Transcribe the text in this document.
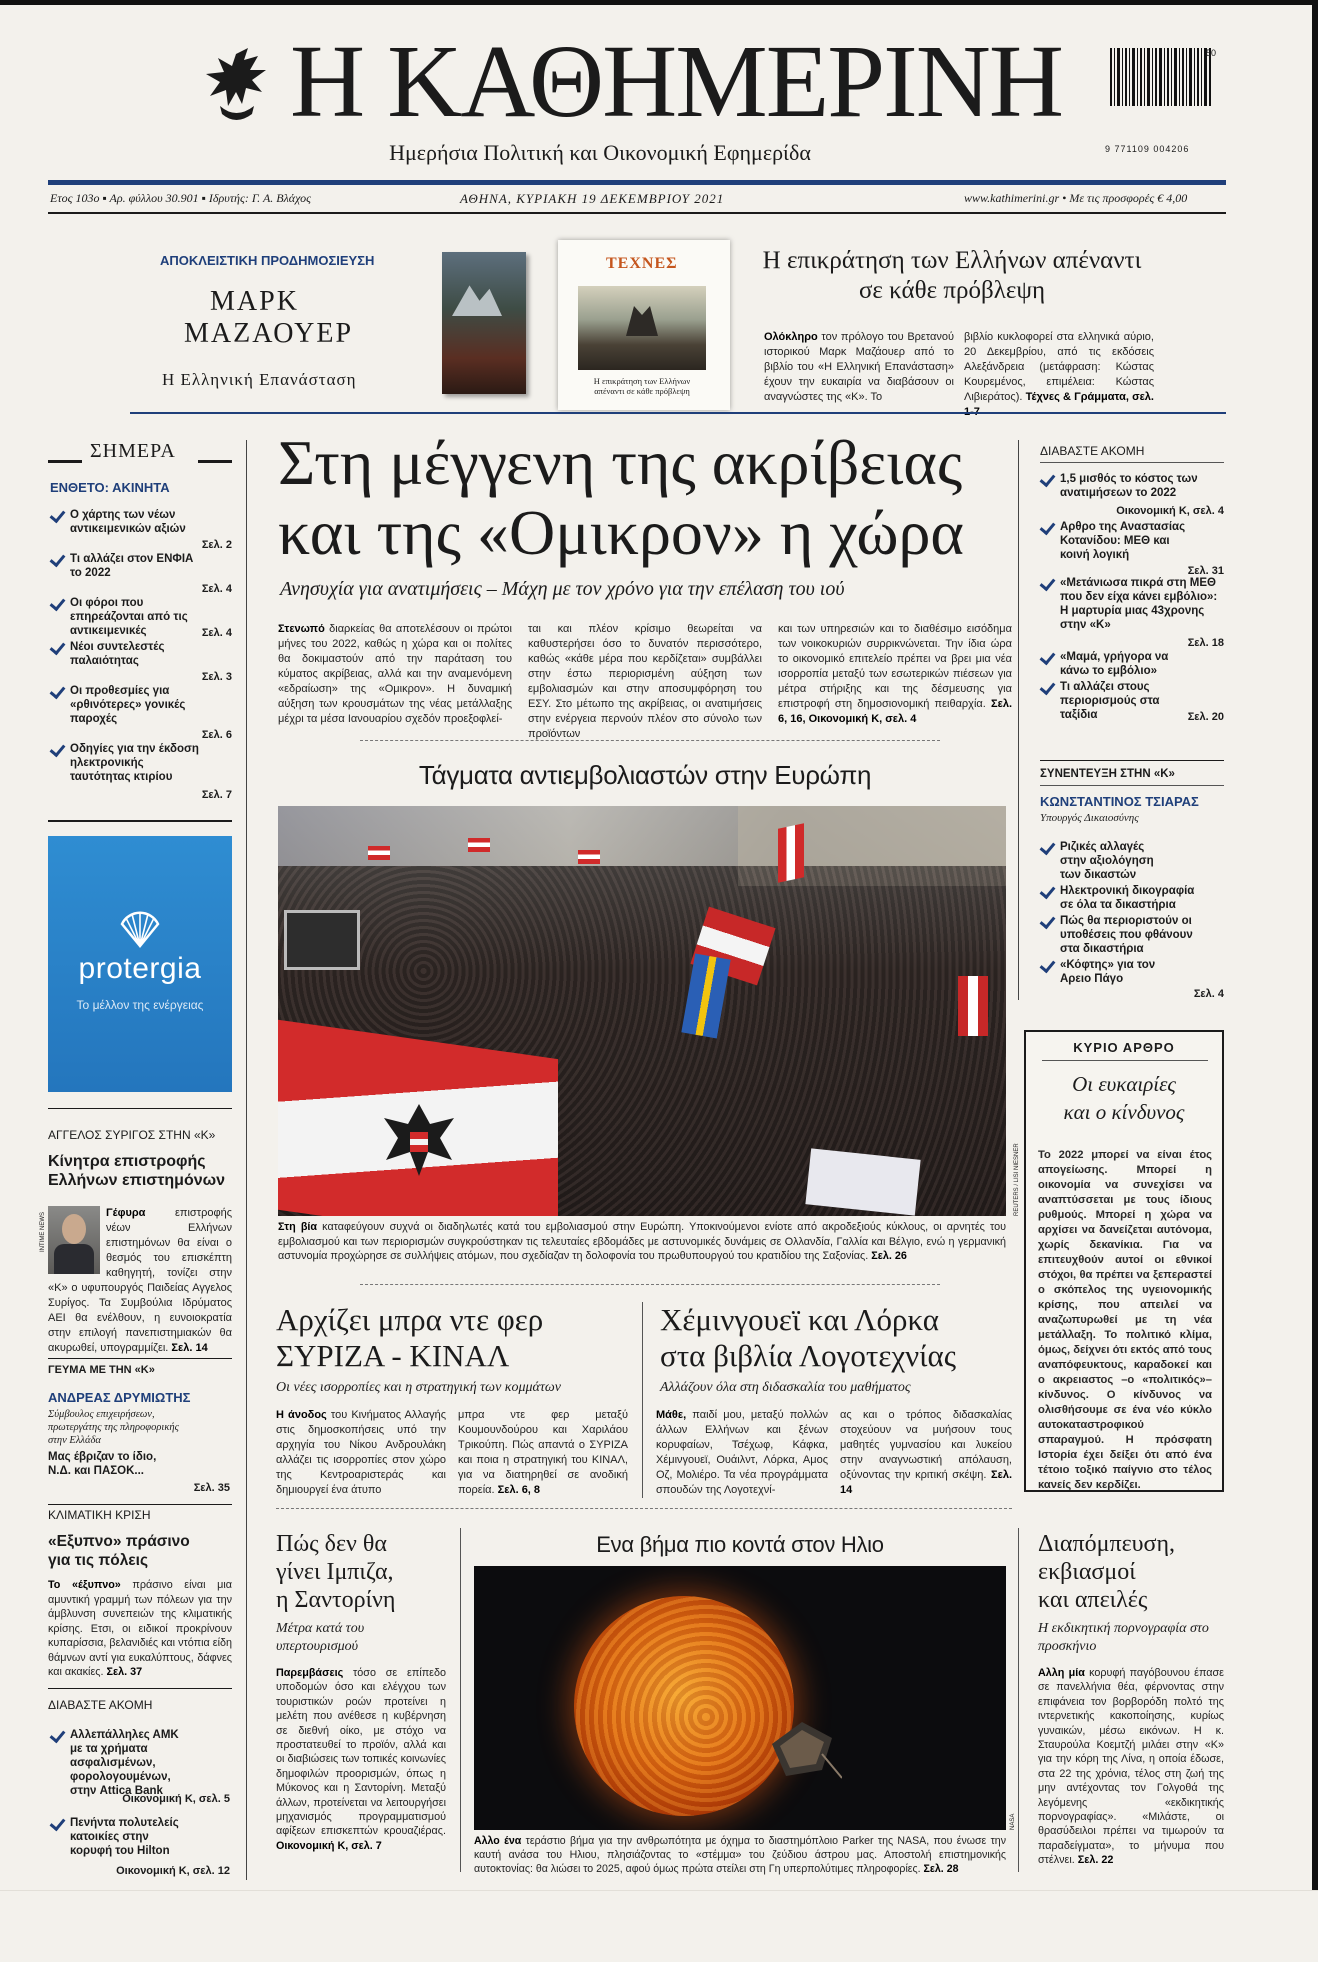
Η ΚΑΘΗΜΕΡΙΝΗ
Ημερήσια Πολιτική και Οικονομική Εφημερίδα
50
9 771109 004206
Ετος 103ο ▪ Αρ. φύλλου 30.901 ▪ Ιδρυτής: Γ. Α. Βλάχος	ΑΘΗΝΑ, ΚΥΡΙΑΚΗ 19 ΔΕΚΕΜΒΡΙΟΥ 2021	www.kathimerini.gr • Με τις προσφορές € 4,00
ΑΠΟΚΛΕΙΣΤΙΚΗ ΠΡΟΔΗΜΟΣΙΕΥΣΗ
ΜΑΡΚ
ΜΑΖΑΟΥΕΡ
Η Ελληνική Επανάσταση
ΤΕΧΝΕΣ
Η επικράτηση των Ελλήνων απέναντι σε κάθε πρόβλεψη
Η επικράτηση των Ελλήνων απέναντι σε κάθε πρόβλεψη
Ολόκληρο τον πρόλογο του Βρετανού ιστορικού Μαρκ Μαζάουερ από το βιβλίο του «Η Ελληνική Επανάσταση» έχουν την ευκαιρία να διαβάσουν οι αναγνώστες της «Κ». Το
βιβλίο κυκλοφορεί στα ελληνικά αύριο, 20 Δεκεμβρίου, από τις εκδόσεις Αλεξάνδρεια (μετάφραση: Κώστας Κουρεμένος, επιμέλεια: Κώστας Λιβιεράτος). Τέχνες & Γράμματα, σελ.
ΣΗΜΕΡΑ
ΕΝΘΕΤΟ: ΑΚΙΝΗΤΑ
Ο χάρτης των νέων αντικειμενικών αξιών
Σελ. 2
Τι αλλάζει στον ΕΝΦΙΑ το 2022
Σελ. 4
Οι φόροι που επηρεάζονται από τις αντικειμενικές	Σελ. 4
Νέοι συντελεστές παλαιότητας
Σελ. 3
Οι προθεσμίες για «ρθινότερες» γονικές παροχές
Σελ. 6
Οδηγίες για την έκδοση ηλεκτρονικής ταυτότητας κτιρίου
Σελ. 7
protergia
Το μέλλον της ενέργειας
ΑΓΓΕΛΟΣ ΣΥΡΙΓΟΣ ΣΤΗΝ «Κ»
Κίνητρα επιστροφής Ελλήνων επιστημόνων
INTIME NEWS	Γέφυρα	επιστροφής νέων Ελλήνων επιστημόνων θα είναι ο θεσμός του επισκέπτη καθηγητή, τονίζει στην «Κ» ο υφυπουργός Παιδείας Αγγελος Συρίγος. Τα Συμβούλια Ιδρύματος ΑΕΙ θα ενέλθουν, η ευνοιοκρατία στην επιλογή πανεπιστημιακών θα ακυρωθεί, υπογραμμίζει. Σελ. 14
ΓΕΥΜΑ ΜΕ ΤΗΝ «Κ»
ΑΝΔΡΕΑΣ ΔΡΥΜΙΩΤΗΣ
Σύμβουλος επιχειρήσεων, πρωτεργάτης της πληροφορικής στην Ελλάδα
Μας έβριζαν το ίδιο, Ν.Δ. και ΠΑΣΟΚ...
Σελ. 35
ΚΛΙΜΑΤΙΚΗ ΚΡΙΣΗ
«Εξυπνο» πράσινο για τις πόλεις
Το «έξυπνο» πράσινο είναι μια αμυντική γραμμή των πόλεων για την άμβλυνση συνεπειών της κλιματικής κρίσης. Ετσι, οι ειδικοί προκρίνουν κυπαρίσσια, βελανιδιές και ντόπια είδη θάμνων αντί για ευκαλύπτους, δάφνες και ακακίες. Σελ. 37
ΔΙΑΒΑΣΤΕ ΑΚΟΜΗ
Αλλεπάλληλες ΑΜΚ με τα χρήματα ασφαλισμένων, φορολογουμένων, στην Attica Bank
Οικονομική Κ, σελ. 5
Πενήντα πολυτελείς κατοικίες στην κορυφή του Hilton
Οικονομική Κ, σελ. 12
Στη μέγγενη της ακρίβειας
και της «Ομικρον» η χώρα
Ανησυχία για ανατιμήσεις – Μάχη με τον χρόνο για την επέλαση του ιού
Στενωπό διαρκείας θα αποτελέσουν οι πρώτοι μήνες του 2022, καθώς η χώρα και οι πολίτες θα δοκιμαστούν από την παράταση του κύματος ακρίβειας, αλλά και την αναμενόμενη «εδραίωση» της «Ομικρον». Η δυναμική αύξηση των κρουσμάτων της νέας μετάλλαξης μέχρι τα μέσα Ιανουαρίου σχεδόν προεξοφλεί-
ται και πλέον κρίσιμο θεωρείται να καθυστερήσει όσο το δυνατόν περισσότερο, καθώς «κάθε μέρα που κερδίζεται» συμβάλλει στην έστω περιορισμένη αύξηση των εμβολιασμών και στην αποσυμφόρηση του ΕΣΥ. Στο μέτωπο της ακρίβειας, οι ανατιμήσεις στην ενέργεια περνούν πλέον στο σύνολο των προϊόντων
και των υπηρεσιών και το διαθέσιμο εισόδημα των νοικοκυριών συρρικνώνεται. Την ίδια ώρα το οικονομικό επιτελείο πρέπει να βρει μια νέα ισορροπία μεταξύ των εσωτερικών πιέσεων για μέτρα στήριξης και της δέσμευσης για επιστροφή στη δημοσιονομική πειθαρχία. Σελ. 6, 16, Οικονομική Κ, σελ. 4
ΔΙΑΒΑΣΤΕ ΑΚΟΜΗ
1,5 μισθός το κόστος των ανατιμήσεων το 2022
Οικονομική Κ, σελ. 4
Αρθρο της Αναστασίας Κοτανίδου: ΜΕΘ και κοινή λογική
Σελ. 31
«Μετάνιωσα πικρά στη ΜΕΘ που δεν είχα κάνει εμβόλιο»: Η μαρτυρία μιας 43χρονης στην «Κ»
Σελ. 18
«Μαμά, γρήγορα να κάνω το εμβόλιο»
Τι αλλάζει στους περιορισμούς στα ταξίδια	Σελ. 20
Τάγματα αντιεμβολιαστών στην Ευρώπη
REUTERS / LISI NIESNER
Στη βία καταφεύγουν συχνά οι διαδηλωτές κατά του εμβολιασμού στην Ευρώπη. Υποκινούμενοι ενίοτε από ακροδεξιούς κύκλους, οι αρνητές του εμβολιασμού και των περιορισμών συγκρούστηκαν τις τελευταίες εβδομάδες με αστυνομικές δυνάμεις σε Ολλανδία, Γαλλία και Βέλγιο, ενώ η γερμανική αστυνομία προχώρησε σε συλλήψεις ατόμων, που σχεδίαζαν τη δολοφονία του πρωθυπουργού του κρατιδίου της Σαξονίας. Σελ. 26
ΣΥΝΕΝΤΕΥΞΗ ΣΤΗΝ «Κ»
ΚΩΝΣΤΑΝΤΙΝΟΣ ΤΣΙΑΡΑΣ
Υπουργός Δικαιοσύνης
Ριζικές αλλαγές στην αξιολόγηση των δικαστών
Ηλεκτρονική δικογραφία σε όλα τα δικαστήρια
Πώς θα περιοριστούν οι υποθέσεις που φθάνουν στα δικαστήρια
«Κόφτης» για τον Αρειο Πάγο
Σελ. 4
ΚΥΡΙΟ ΑΡΘΡΟ
Οι ευκαιρίες
και ο κίνδυνος
Το 2022 μπορεί να είναι έτος απογείωσης. Μπορεί η οικονομία να συνεχίσει να αναπτύσσεται με τους ίδιους ρυθμούς. Μπορεί η χώρα να αρχίσει να δανείζεται αυτόνομα, χωρίς δεκανίκια. Για να επιτευχθούν αυτοί οι εθνικοί στόχοι, θα πρέπει να ξεπεραστεί ο σκόπελος της υγειονομικής κρίσης, που απειλεί να αναζωπυρωθεί με τη νέα μετάλλαξη. Το πολιτικό κλίμα, όμως, δείχνει ότι εκτός από τους αναπόφευκτους, καραδοκεί και ο ακρειαστος –ο «πολιτικός»– κίνδυνος. Ο κίνδυνος να ολισθήσουμε σε ένα νέο κύκλο αυτοκαταστροφικού σπαραγμού. Η πρόσφατη Ιστορία έχει δείξει ότι από ένα τέτοιο τοξικό παίγνιο στο τέλος κανείς δεν κερδίζει.
Αρχίζει μπρα ντε φερ
ΣΥΡΙΖΑ - ΚΙΝΑΛ
Οι νέες ισορροπίες και η στρατηγική των κομμάτων
Η άνοδος του Κινήματος Αλλαγής στις δημοσκοπήσεις υπό την αρχηγία του Νίκου Ανδρουλάκη αλλάζει τις ισορροπίες στον χώρο της Κεντροαριστεράς και δημιουργεί ένα άτυπο
μπρα ντε φερ μεταξύ Κουμουνδούρου και Χαριλάου Τρικούπη. Πώς απαντά ο ΣΥΡΙΖΑ και ποια η στρατηγική του ΚΙΝΑΛ, για να διατηρηθεί σε ανοδική πορεία. Σελ. 6, 8
Χέμινγουεϊ και Λόρκα
στα βιβλία Λογοτεχνίας
Αλλάζουν όλα στη διδασκαλία του μαθήματος
Μάθε, παιδί μου, μεταξύ πολλών άλλων Ελλήνων και ξένων κορυφαίων, Τσέχωφ, Κάφκα, Χέμινγουεϊ, Ουάιλντ, Λόρκα, Αμος Οζ, Μολιέρο. Τα νέα προγράμματα σπουδών της Λογοτεχνί-
ας και ο τρόπος διδασκαλίας στοχεύουν να μυήσουν τους μαθητές γυμνασίου και λυκείου στην αναγνωστική απόλαυση, οξύνοντας την κριτική σκέψη. Σελ. 14
Πώς δεν θα
γίνει Ιμπιζα,
η Σαντορίνη
Μέτρα κατά του υπερτουρισμού
Παρεμβάσεις τόσο σε επίπεδο υποδομών όσο και ελέγχου των τουριστικών ροών προτείνει η μελέτη που ανέθεσε η κυβέρνηση σε διεθνή οίκο, με στόχο να προστατευθεί το προϊόν, αλλά και οι διαβιώσεις των τοπικές κοινωνίες δημοφιλών προορισμών, όπως η Μύκονος και η Σαντορίνη. Μεταξύ άλλων, προτείνεται να λειτουργήσει μηχανισμός προγραμματισμού αφίξεων επισκεπτών κρουαζιέρας. Οικονομική Κ, σελ. 7
Ενα βήμα πιο κοντά στον Ηλιο
NASA
Αλλο ένα τεράστιο βήμα για την ανθρωπότητα με όχημα το διαστημόπλοιο Parker της NASA, που ένωσε την καυτή ανάσα του Ηλιου, πλησιάζοντας το «στέμμα» του ζεύδιου άστρου μας. Αποστολή επιστημονικής αυτοκτονίας: θα λιώσει το 2025, αφού όμως πρώτα στείλει στη Γη υπερπολύτιμες πληροφορίες. Σελ. 28
Διαπόμπευση,
εκβιασμοί
και απειλές
Η εκδικητική πορνογραφία στο προσκήνιο
Αλλη μία κορυφή παγόβουνου έπασε σε πανελλήνια θέα, φέρνοντας στην επιφάνεια τον βορβορόδη πολτό της ιντερνετικής κακοποίησης, κυρίως γυναικών, μέσω εικόνων. Η κ. Σταυρούλα Κοεμτζή μιλάει στην «Κ» για την κόρη της Λίνα, η οποία έδωσε, στα 22 της χρόνια, τέλος στη ζωή της μην αντέχοντας τον Γολγοθά της λεγόμενης «εκδικητικής πορνογραφίας». «Μιλάστε, οι θρασύδειλοι πρέπει να τιμωρούν τα παραδείγματα», το μήνυμα που στέλνει. Σελ. 22
